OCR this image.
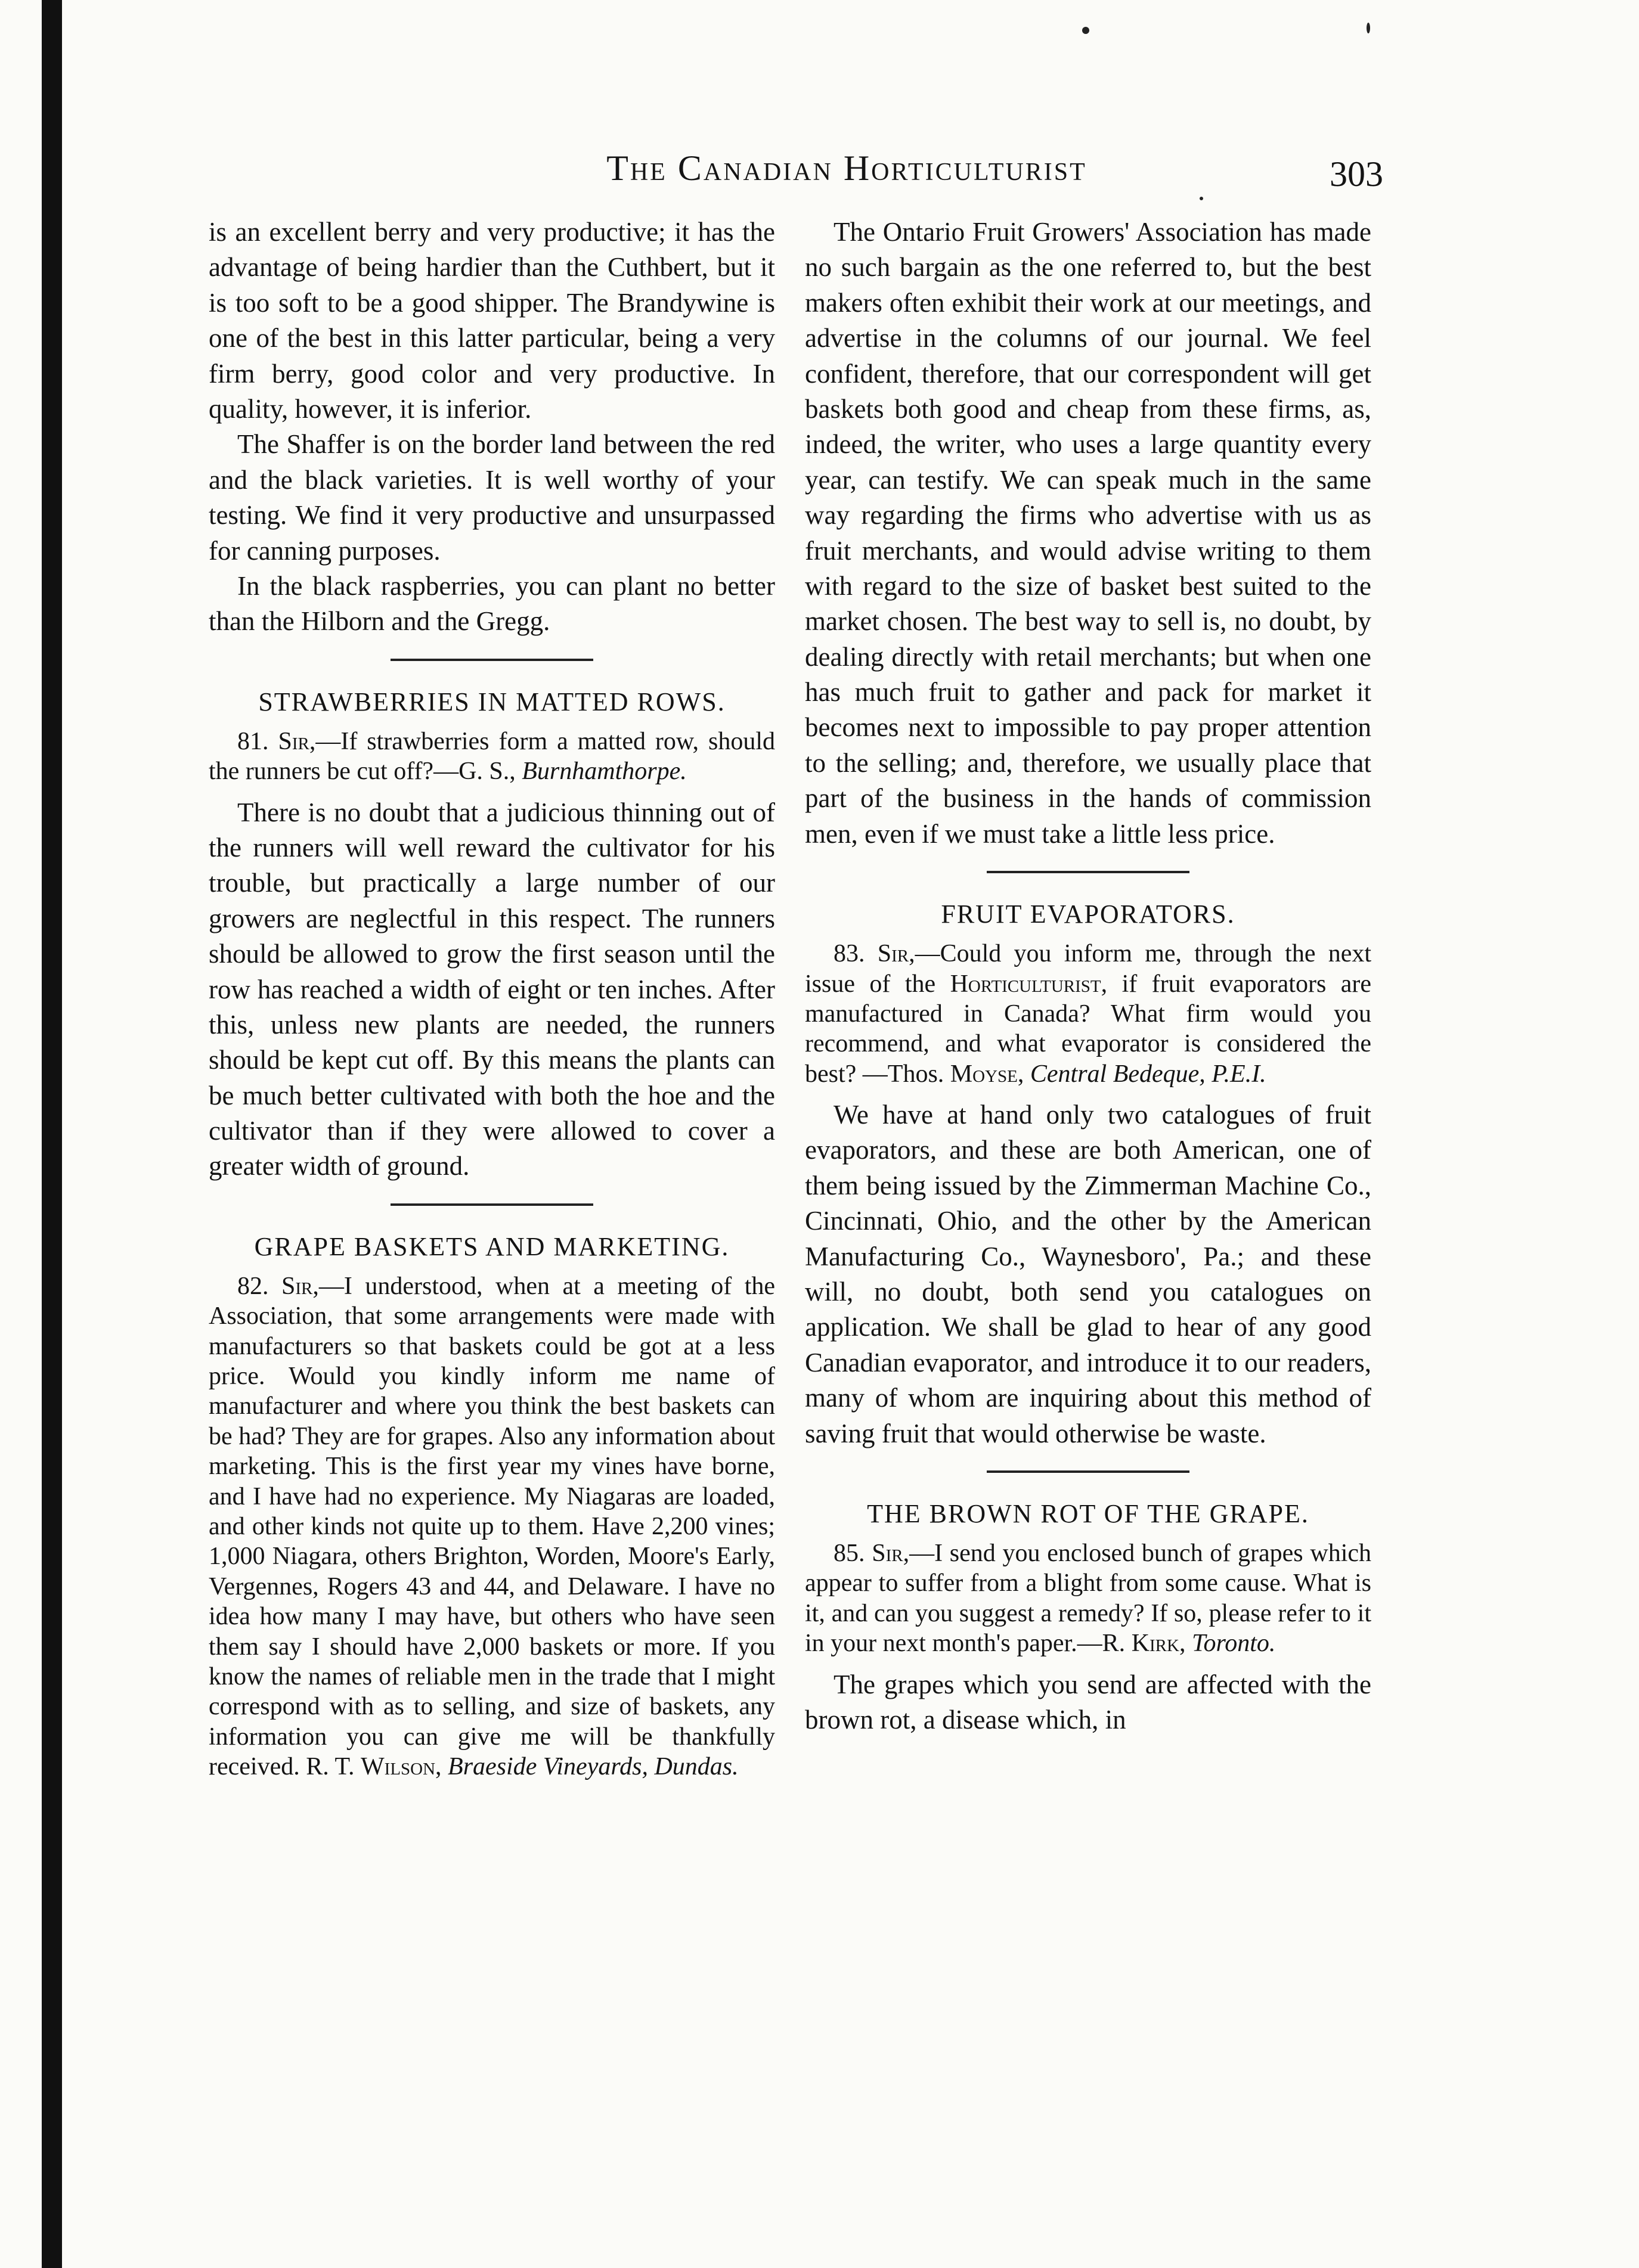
The Canadian Horticulturist	303

is an excellent berry and very productive; it has the advantage of being hardier than the Cuthbert, but it is too soft to be a good shipper. The Brandywine is one of the best in this latter particular, being a very firm berry, good color and very productive. In quality, however, it is inferior.

The Shaffer is on the border land between the red and the black varieties. It is well worthy of your testing. We find it very productive and unsurpassed for canning purposes.

In the black raspberries, you can plant no better than the Hilborn and the Gregg.

STRAWBERRIES IN MATTED ROWS.

81. Sir,—If strawberries form a matted row, should the runners be cut off?—G. S., Burnhamthorpe.

There is no doubt that a judicious thinning out of the runners will well reward the cultivator for his trouble, but practically a large number of our growers are neglectful in this respect. The runners should be allowed to grow the first season until the row has reached a width of eight or ten inches. After this, unless new plants are needed, the runners should be kept cut off. By this means the plants can be much better cultivated with both the hoe and the cultivator than if they were allowed to cover a greater width of ground.

GRAPE BASKETS AND MARKETING.

82. Sir,—I understood, when at a meeting of the Association, that some arrangements were made with manufacturers so that baskets could be got at a less price. Would you kindly inform me name of manufacturer and where you think the best baskets can be had? They are for grapes. Also any information about marketing. This is the first year my vines have borne, and I have had no experience. My Niagaras are loaded, and other kinds not quite up to them. Have 2,200 vines; 1,000 Niagara, others Brighton, Worden, Moore's Early, Vergennes, Rogers 43 and 44, and Delaware. I have no idea how many I may have, but others who have seen them say I should have 2,000 baskets or more. If you know the names of reliable men in the trade that I might correspond with as to selling, and size of baskets, any information you can give me will be thankfully received. R. T. Wilson, Braeside Vineyards, Dundas.

The Ontario Fruit Growers' Association has made no such bargain as the one referred to, but the best makers often exhibit their work at our meetings, and advertise in the columns of our journal. We feel confident, therefore, that our correspondent will get baskets both good and cheap from these firms, as, indeed, the writer, who uses a large quantity every year, can testify. We can speak much in the same way regarding the firms who advertise with us as fruit merchants, and would advise writing to them with regard to the size of basket best suited to the market chosen. The best way to sell is, no doubt, by dealing directly with retail merchants; but when one has much fruit to gather and pack for market it becomes next to impossible to pay proper attention to the selling; and, therefore, we usually place that part of the business in the hands of commission men, even if we must take a little less price.

FRUIT EVAPORATORS.

83. Sir,—Could you inform me, through the next issue of the Horticulturist, if fruit evaporators are manufactured in Canada? What firm would you recommend, and what evaporator is considered the best? —Thos. Moyse, Central Bedeque, P.E.I.

We have at hand only two catalogues of fruit evaporators, and these are both American, one of them being issued by the Zimmerman Machine Co., Cincinnati, Ohio, and the other by the American Manufacturing Co., Waynesboro', Pa.; and these will, no doubt, both send you catalogues on application. We shall be glad to hear of any good Canadian evaporator, and introduce it to our readers, many of whom are inquiring about this method of saving fruit that would otherwise be waste.

THE BROWN ROT OF THE GRAPE.

85. Sir,—I send you enclosed bunch of grapes which appear to suffer from a blight from some cause. What is it, and can you suggest a remedy? If so, please refer to it in your next month's paper.—R. Kirk, Toronto.

The grapes which you send are affected with the brown rot, a disease which, in
